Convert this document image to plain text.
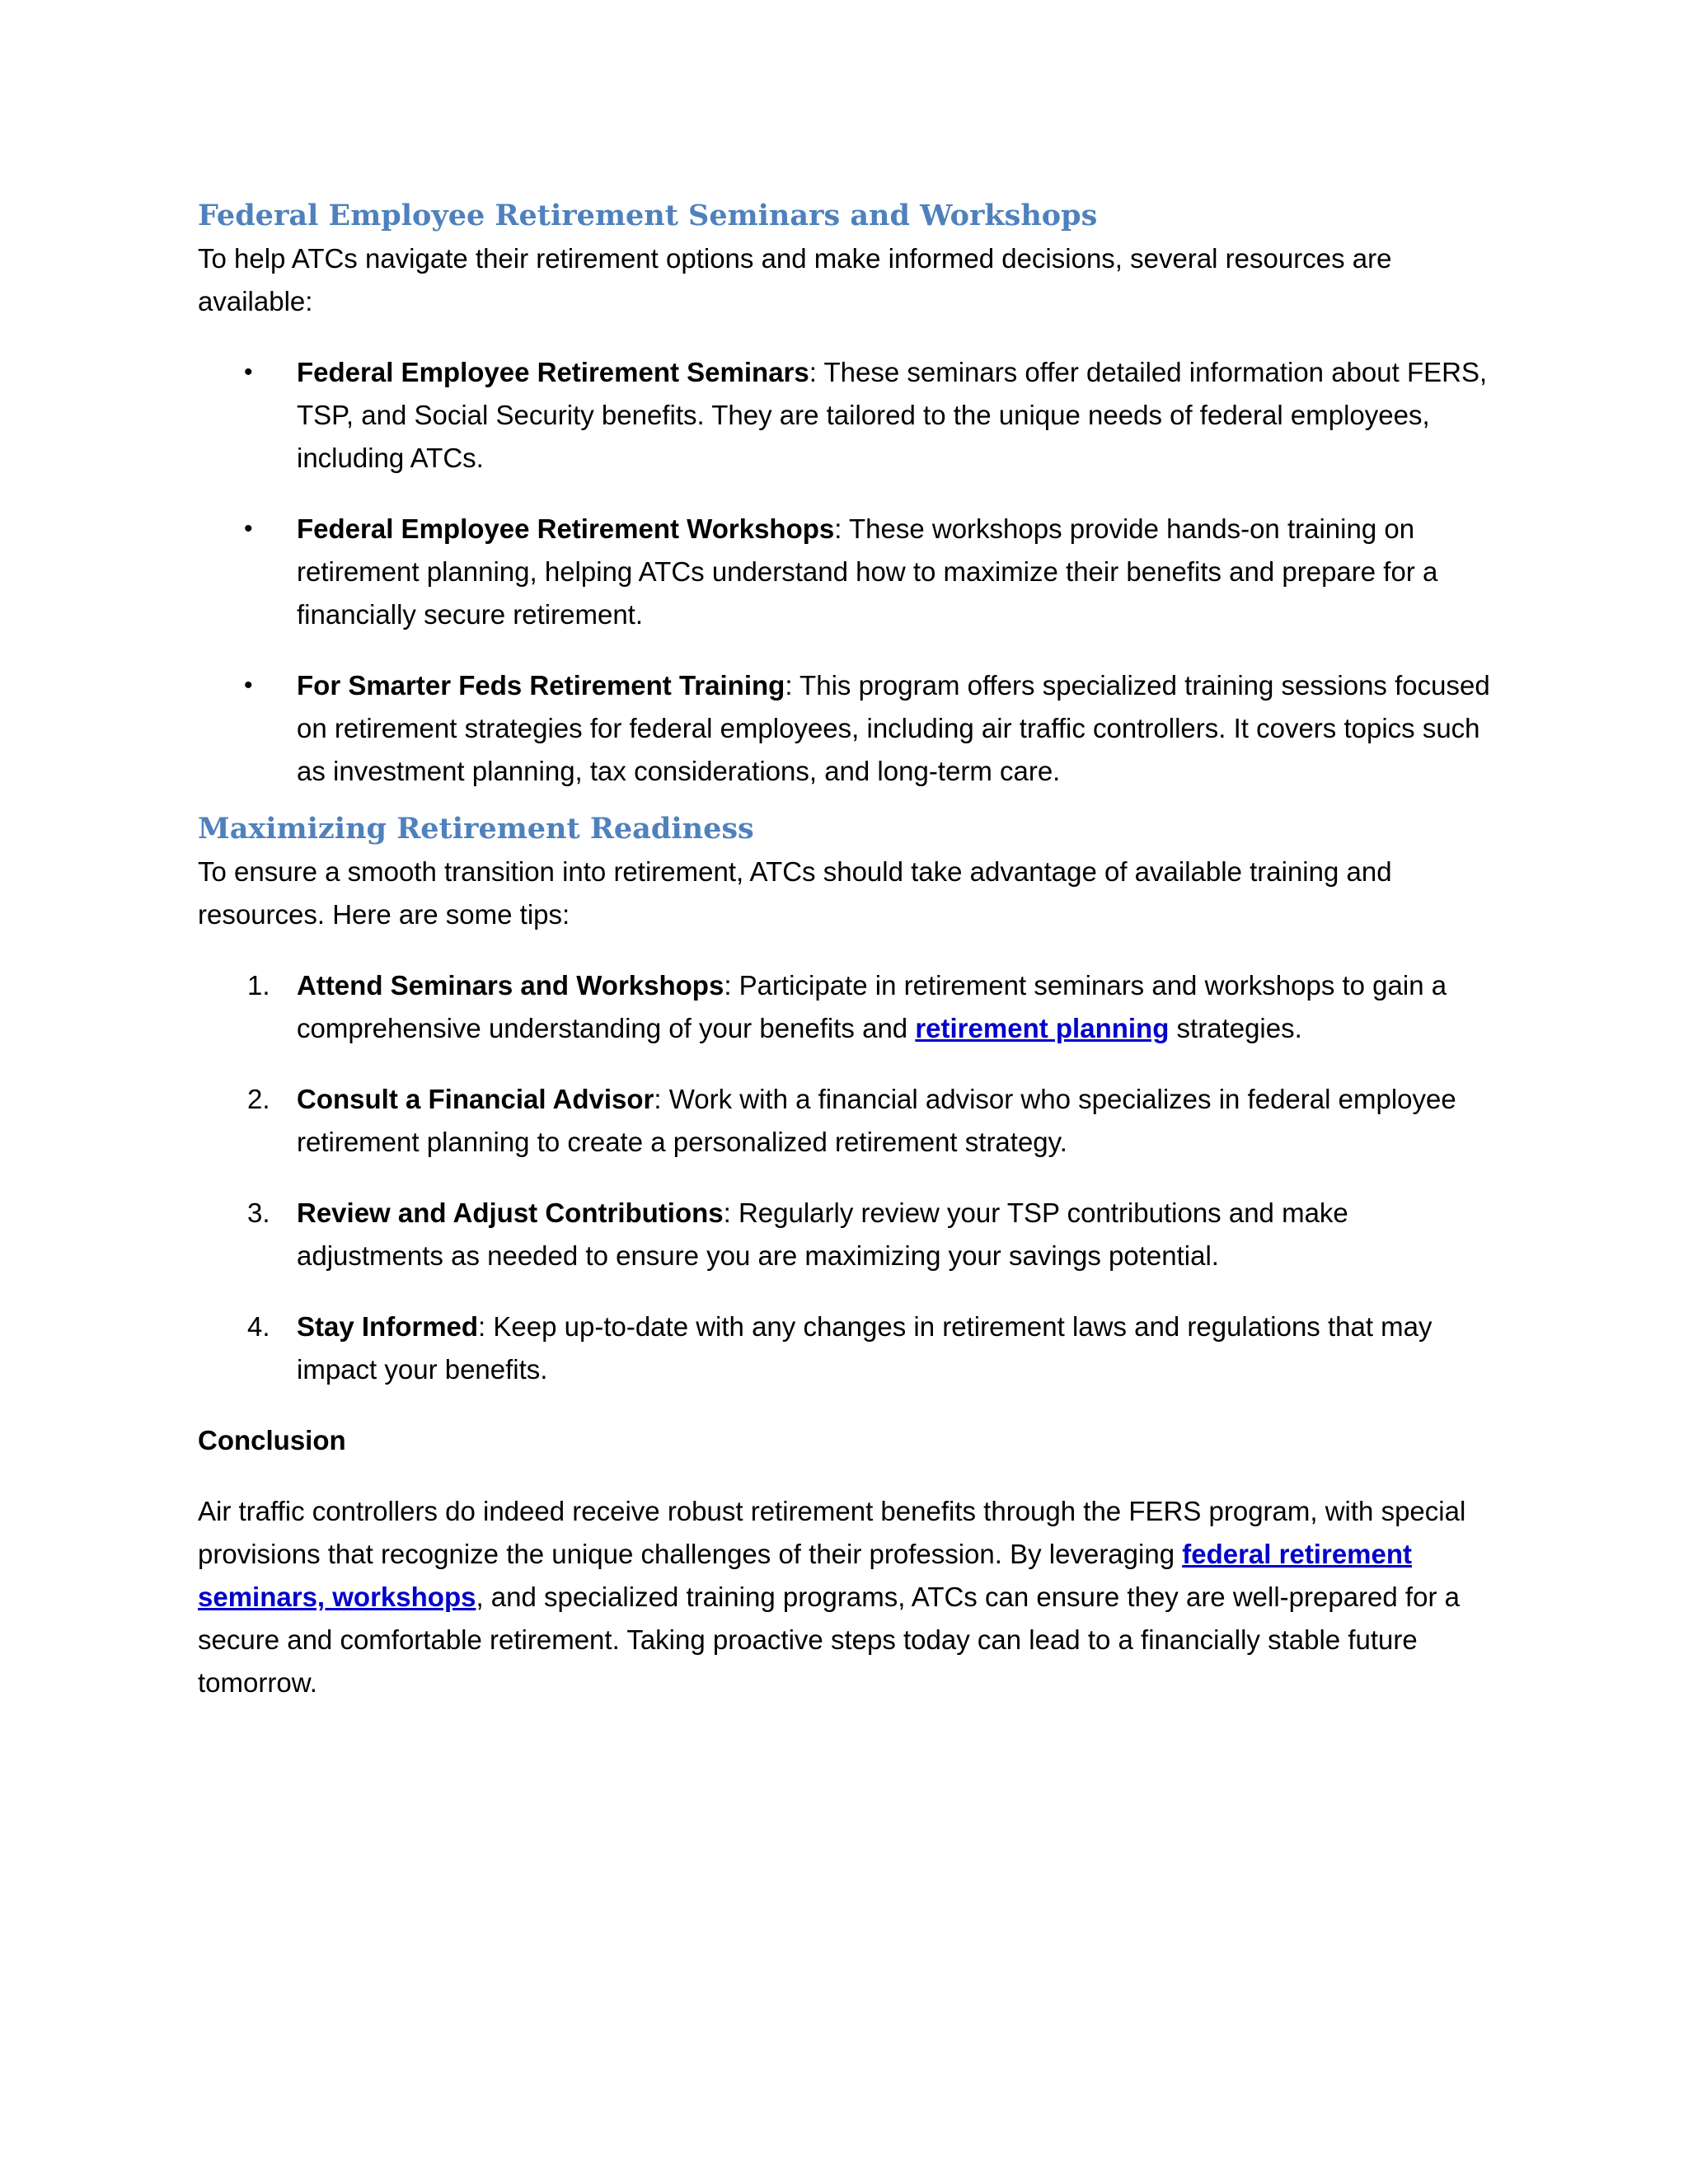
Federal Employee Retirement Seminars and Workshops

To help ATCs navigate their retirement options and make informed decisions, several resources are available:

• Federal Employee Retirement Seminars: These seminars offer detailed information about FERS, TSP, and Social Security benefits. They are tailored to the unique needs of federal employees, including ATCs.
• Federal Employee Retirement Workshops: These workshops provide hands-on training on retirement planning, helping ATCs understand how to maximize their benefits and prepare for a financially secure retirement.
• For Smarter Feds Retirement Training: This program offers specialized training sessions focused on retirement strategies for federal employees, including air traffic controllers. It covers topics such as investment planning, tax considerations, and long-term care.
Maximizing Retirement Readiness

To ensure a smooth transition into retirement, ATCs should take advantage of available training and resources. Here are some tips:

1. Attend Seminars and Workshops: Participate in retirement seminars and workshops to gain a comprehensive understanding of your benefits and retirement planning strategies.
2. Consult a Financial Advisor: Work with a financial advisor who specializes in federal employee retirement planning to create a personalized retirement strategy.
3. Review and Adjust Contributions: Regularly review your TSP contributions and make adjustments as needed to ensure you are maximizing your savings potential.
4. Stay Informed: Keep up-to-date with any changes in retirement laws and regulations that may impact your benefits.

Conclusion

Air traffic controllers do indeed receive robust retirement benefits through the FERS program, with special provisions that recognize the unique challenges of their profession. By leveraging federal retirement seminars, workshops, and specialized training programs, ATCs can ensure they are well-prepared for a secure and comfortable retirement. Taking proactive steps today can lead to a financially stable future tomorrow.
